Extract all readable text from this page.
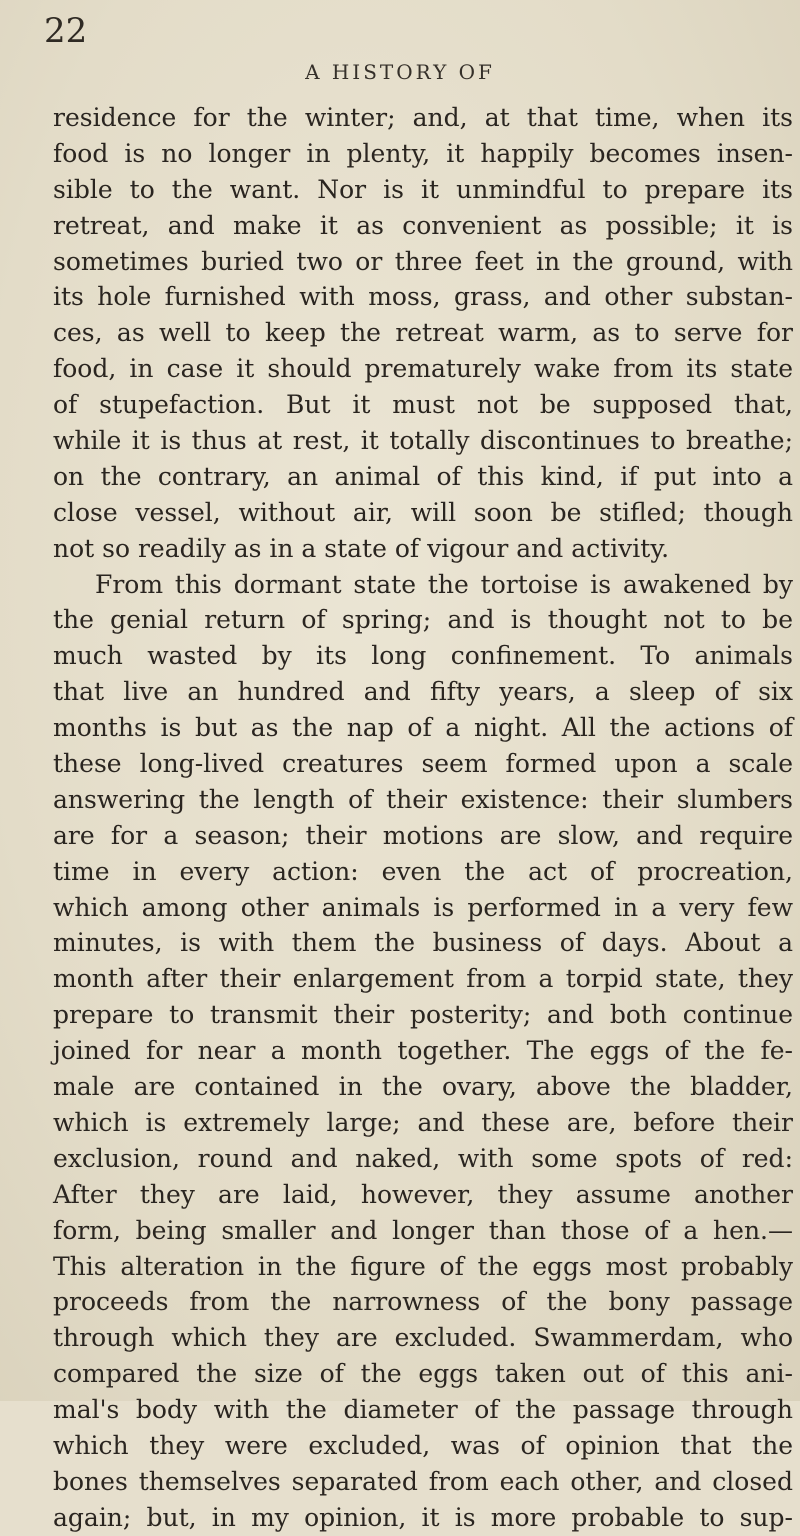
22
A HISTORY OF
residence for the winter; and, at that time, when its
food is no longer in plenty, it happily becomes insen-
sible to the want. Nor is it unmindful to prepare its
retreat, and make it as convenient as possible; it is
sometimes buried two or three feet in the ground, with
its hole furnished with moss, grass, and other substan-
ces, as well to keep the retreat warm, as to serve for
food, in case it should prematurely wake from its state
of stupefaction. But it must not be supposed that,
while it is thus at rest, it totally discontinues to breathe;
on the contrary, an animal of this kind, if put into a
close vessel, without air, will soon be stifled; though
not so readily as in a state of vigour and activity.
From this dormant state the tortoise is awakened by
the genial return of spring; and is thought not to be
much wasted by its long confinement. To animals
that live an hundred and fifty years, a sleep of six
months is but as the nap of a night. All the actions of
these long-lived creatures seem formed upon a scale
answering the length of their existence: their slumbers
are for a season; their motions are slow, and require
time in every action: even the act of procreation,
which among other animals is performed in a very few
minutes, is with them the business of days. About a
month after their enlargement from a torpid state, they
prepare to transmit their posterity; and both continue
joined for near a month together. The eggs of the fe-
male are contained in the ovary, above the bladder,
which is extremely large; and these are, before their
exclusion, round and naked, with some spots of red:
After they are laid, however, they assume another
form, being smaller and longer than those of a hen.—
This alteration in the figure of the eggs most probably
proceeds from the narrowness of the bony passage
through which they are excluded. Swammerdam, who
compared the size of the eggs taken out of this ani-
mal's body with the diameter of the passage through
which they were excluded, was of opinion that the
bones themselves separated from each other, and closed
again; but, in my opinion, it is more probable to sup-
